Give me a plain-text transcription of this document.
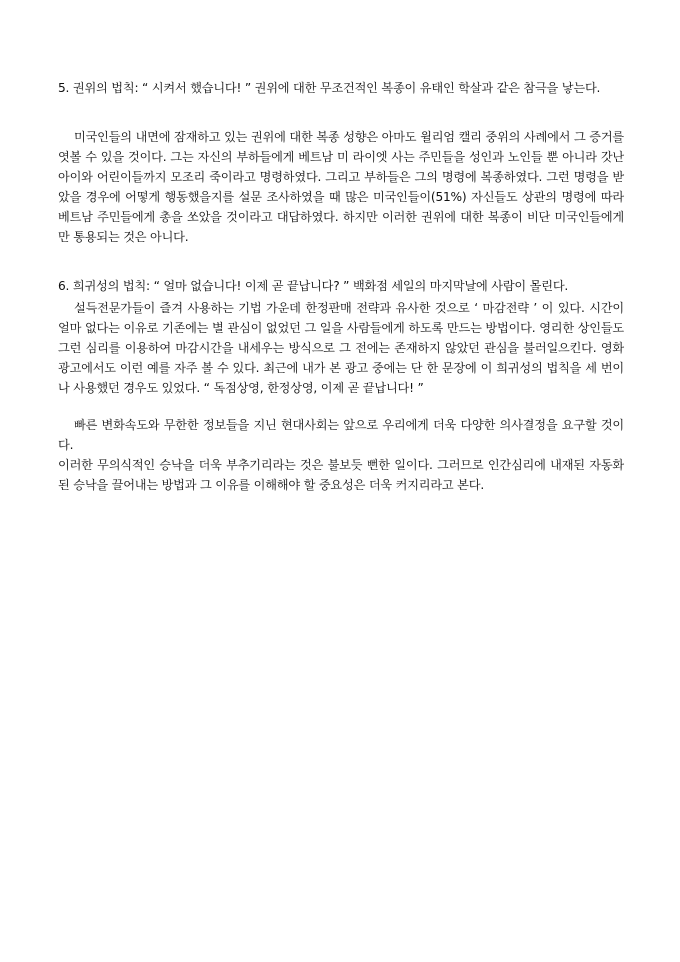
5. 권위의 법칙: “ 시켜서 했습니다! ” 권위에 대한 무조건적인 복종이 유태인 학살과 같은 참극을 낳는다.

미국인들의 내면에 잠재하고 있는 권위에 대한 복종 성향은 아마도 윌리엄 캘리 중위의 사례에서 그 증거를 엿볼 수 있을 것이다. 그는 자신의 부하들에게 베트남 미 라이엣 사는 주민들을 성인과 노인들 뿐 아니라 갓난아이와 어린이들까지 모조리 죽이라고 명령하였다. 그리고 부하들은 그의 명령에 복종하였다. 그런 명령을 받았을 경우에 어떻게 행동했을지를 설문 조사하였을 때 많은 미국인들이(51%) 자신들도 상관의 명령에 따라 베트남 주민들에게 총을 쏘았을 것이라고 대답하였다. 하지만 이러한 권위에 대한 복종이 비단 미국인들에게만 통용되는 것은 아니다.

6. 희귀성의 법칙: “ 얼마 없습니다! 이제 곧 끝납니다? ” 백화점 세일의 마지막날에 사람이 몰린다.

설득전문가들이 즐겨 사용하는 기법 가운데 한정판매 전략과 유사한 것으로 ‘ 마감전략 ’ 이 있다. 시간이 얼마 없다는 이유로 기존에는 별 관심이 없었던 그 일을 사람들에게 하도록 만드는 방법이다. 영리한 상인들도 그런 심리를 이용하여 마감시간을 내세우는 방식으로 그 전에는 존재하지 않았던 관심을 불러일으킨다. 영화광고에서도 이런 예를 자주 볼 수 있다. 최근에 내가 본 광고 중에는 단 한 문장에 이 희귀성의 법칙을 세 번이나 사용했던 경우도 있었다. “ 독점상영, 한정상영, 이제 곧 끝납니다! ”

빠른 변화속도와 무한한 정보들을 지닌 현대사회는 앞으로 우리에게 더욱 다양한 의사결정을 요구할 것이다.

이러한 무의식적인 승낙을 더욱 부추기리라는 것은 불보듯 뻔한 일이다. 그러므로 인간심리에 내재된 자동화된 승낙을 끌어내는 방법과 그 이유를 이해해야 할 중요성은 더욱 커지리라고 본다.
